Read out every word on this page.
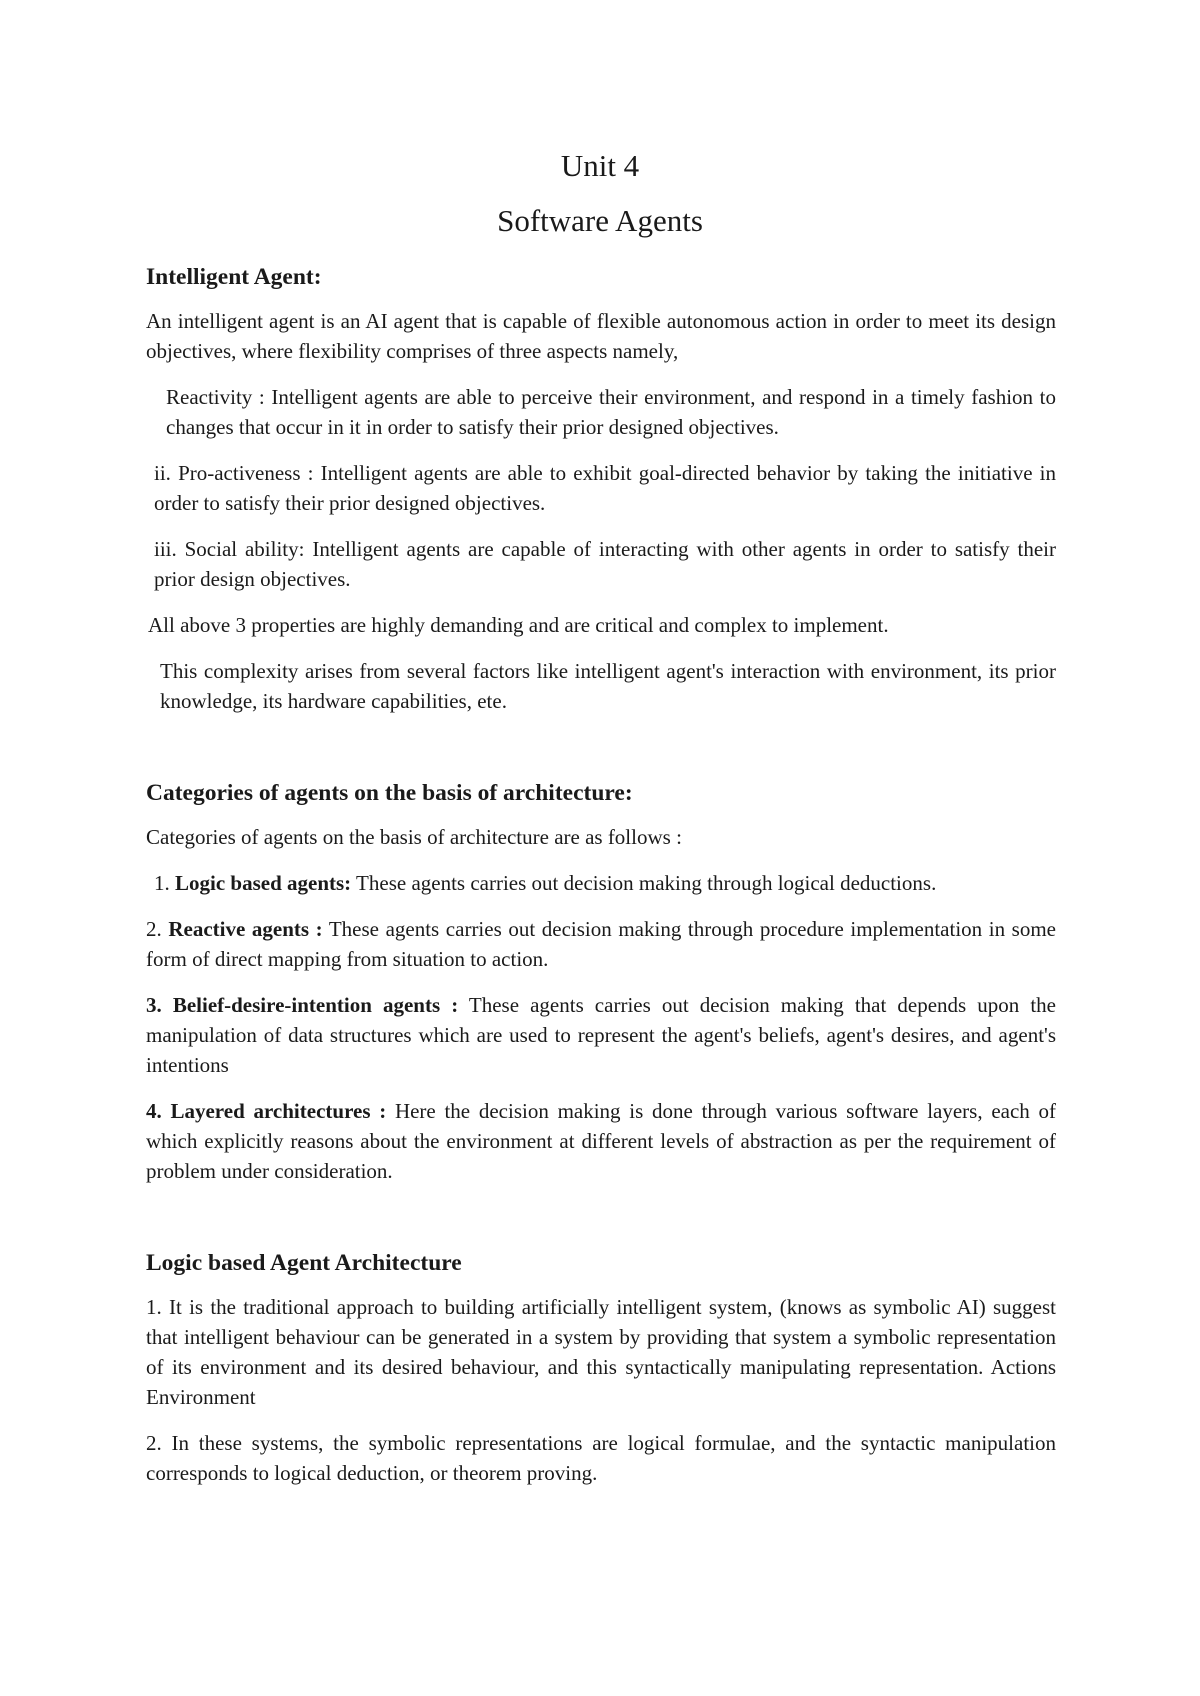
Unit 4
Software Agents
Intelligent Agent:

An intelligent agent is an AI agent that is capable of flexible autonomous action in order to meet its design objectives, where flexibility comprises of three aspects namely,

Reactivity : Intelligent agents are able to perceive their environment, and respond in a timely fashion to changes that occur in it in order to satisfy their prior designed objectives.

ii. Pro-activeness : Intelligent agents are able to exhibit goal-directed behavior by taking the initiative in order to satisfy their prior designed objectives.

iii. Social ability: Intelligent agents are capable of interacting with other agents in order to satisfy their prior design objectives.

All above 3 properties are highly demanding and are critical and complex to implement.

This complexity arises from several factors like intelligent agent's interaction with environment, its prior knowledge, its hardware capabilities, ete.

Categories of agents on the basis of architecture:

Categories of agents on the basis of architecture are as follows :

1. Logic based agents: These agents carries out decision making through logical deductions.

2. Reactive agents : These agents carries out decision making through procedure implementation in some form of direct mapping from situation to action.

3. Belief-desire-intention agents : These agents carries out decision making that depends upon the manipulation of data structures which are used to represent the agent's beliefs, agent's desires, and agent's intentions

4. Layered architectures : Here the decision making is done through various software layers, each of which explicitly reasons about the environment at different levels of abstraction as per the requirement of problem under consideration.

Logic based Agent Architecture

1. It is the traditional approach to building artificially intelligent system, (knows as symbolic AI) suggest that intelligent behaviour can be generated in a system by providing that system a symbolic representation of its environment and its desired behaviour, and this syntactically manipulating representation. Actions Environment

2. In these systems, the symbolic representations are logical formulae, and the syntactic manipulation corresponds to logical deduction, or theorem proving.
